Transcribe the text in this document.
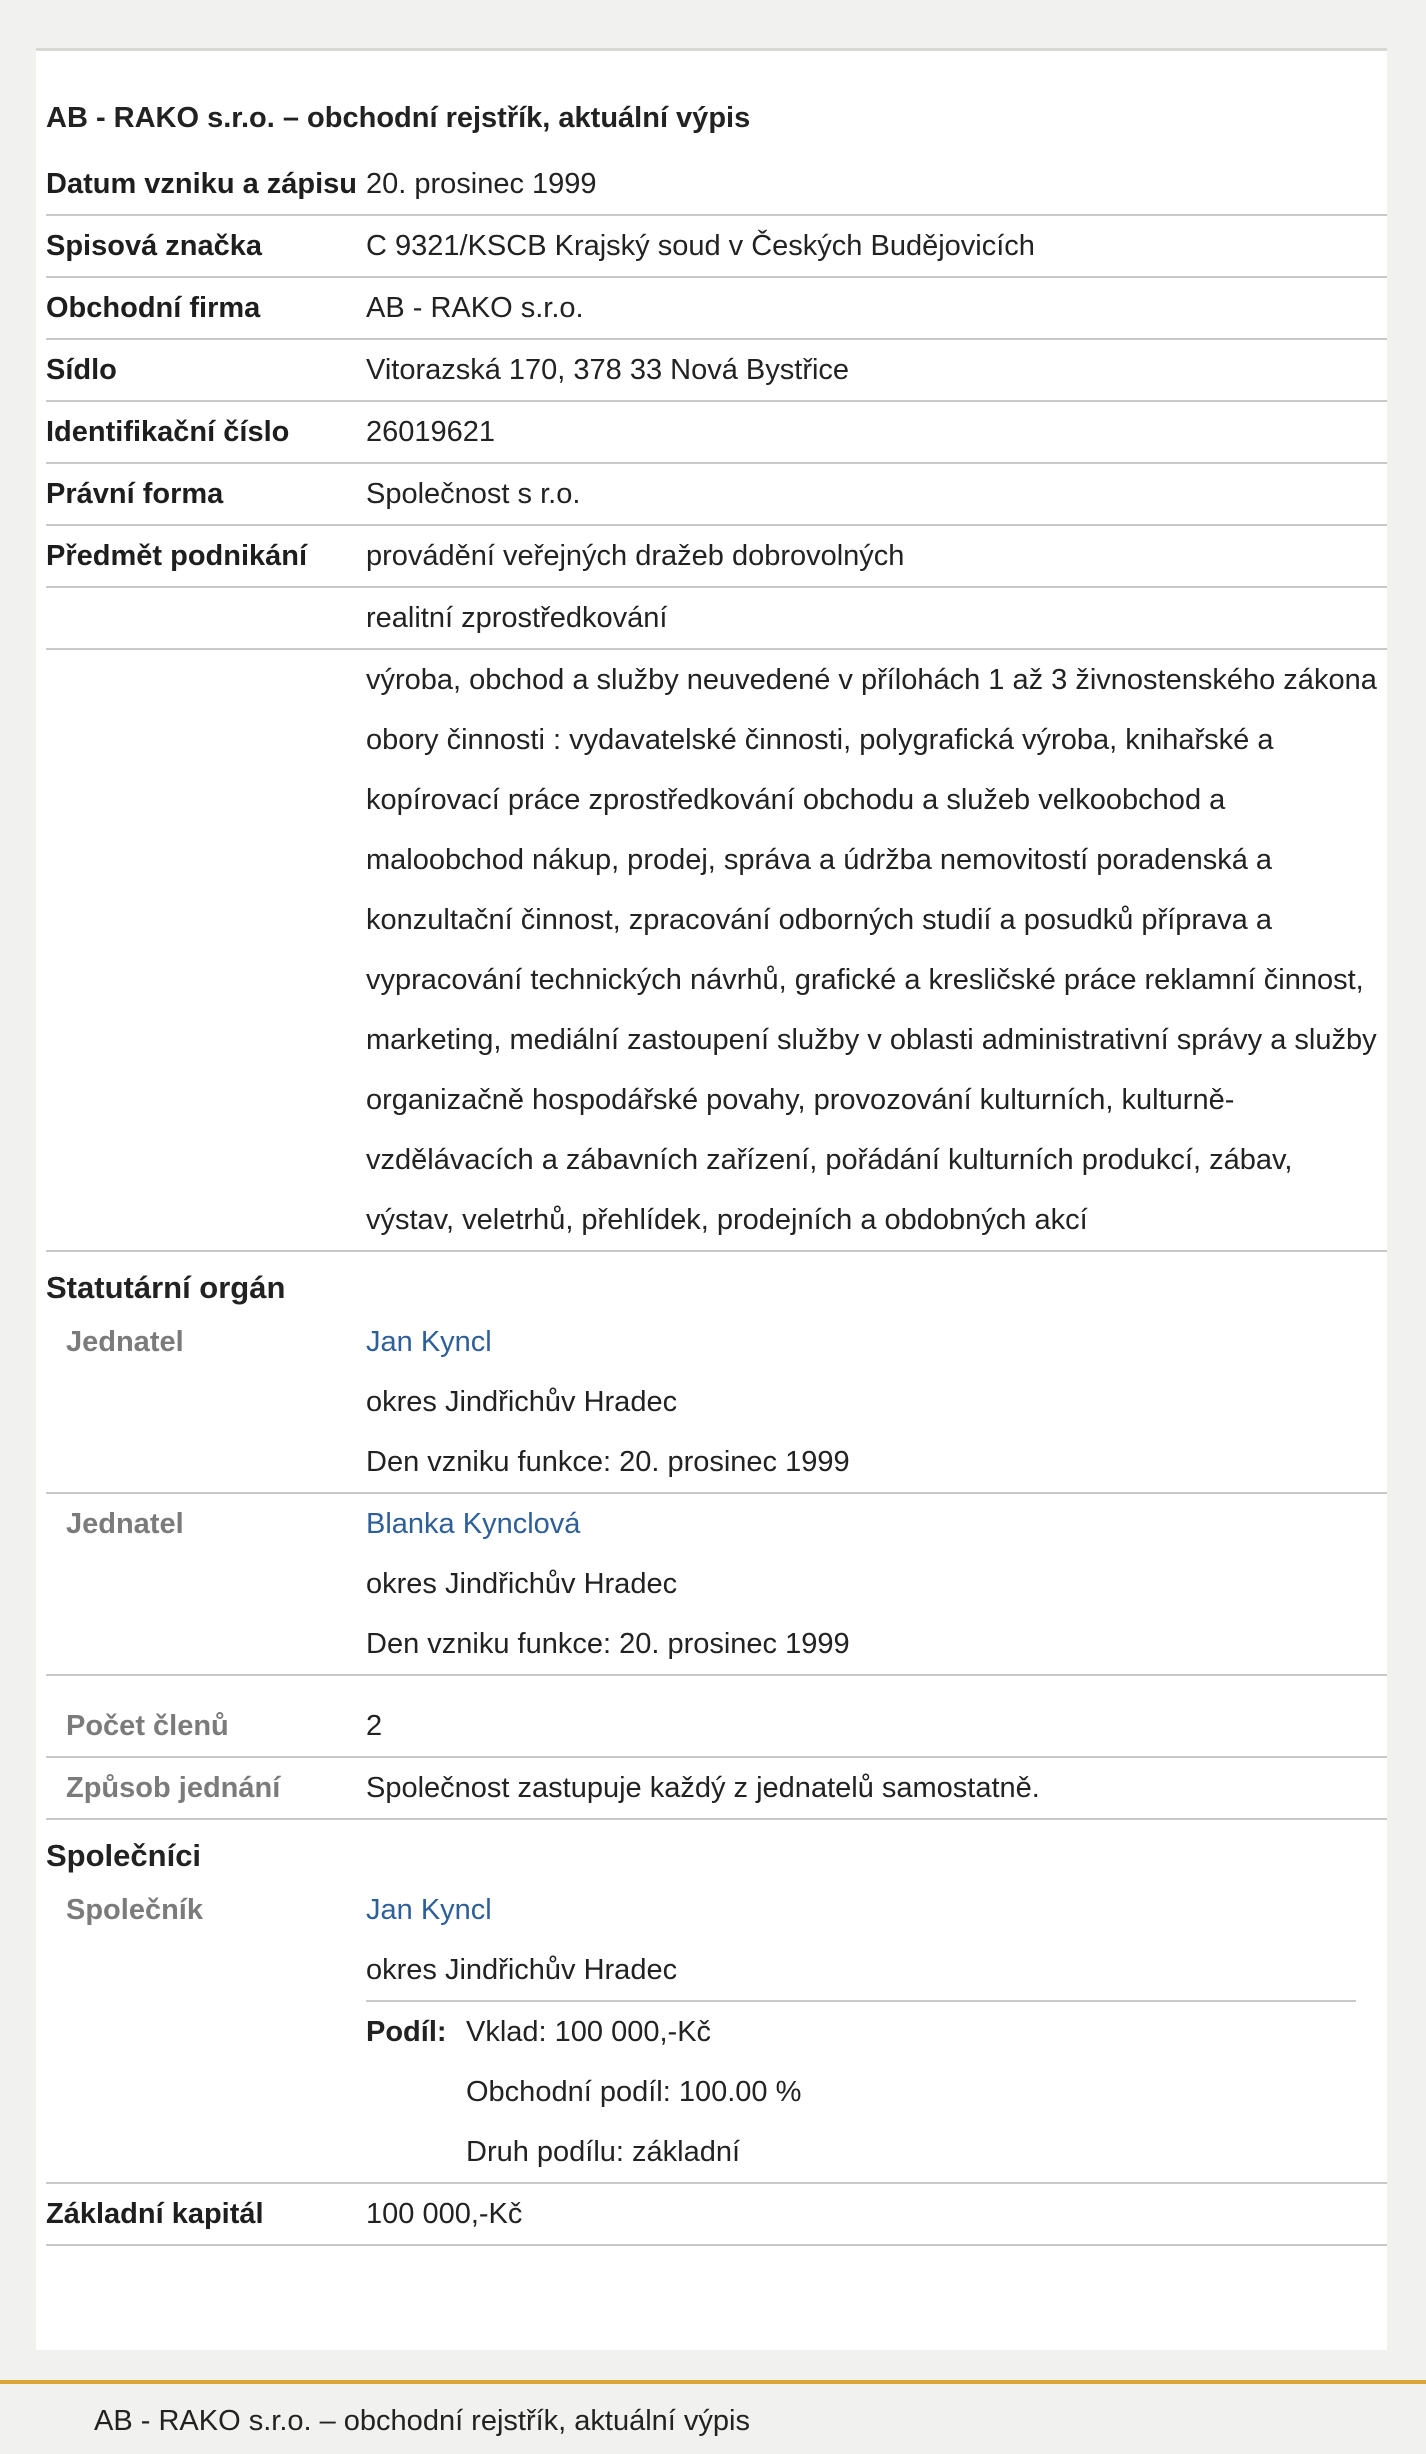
AB - RAKO s.r.o. – obchodní rejstřík, aktuální výpis
Datum vzniku a zápisu 20. prosinec 1999
Spisová značka	C 9321/KSCB Krajský soud v Českých Budějovicích
Obchodní firma	AB - RAKO s.r.o.
Sídlo	Vitorazská 170, 378 33 Nová Bystřice
Identifikační číslo	26019621
Právní forma	Společnost s r.o.
Předmět podnikání	provádění veřejných dražeb dobrovolných
realitní zprostředkování
výroba, obchod a služby neuvedené v přílohách 1 až 3 živnostenského zákona obory činnosti : vydavatelské činnosti, polygrafická výroba, knihařské a kopírovací práce zprostředkování obchodu a služeb velkoobchod a maloobchod nákup, prodej, správa a údržba nemovitostí poradenská a konzultační činnost, zpracování odborných studií a posudků příprava a vypracování technických návrhů, grafické a kresličské práce reklamní činnost, marketing, mediální zastoupení služby v oblasti administrativní správy a služby organizačně hospodářské povahy, provozování kulturních, kulturně-vzdělávacích a zábavních zařízení, pořádání kulturních produkcí, zábav, výstav, veletrhů, přehlídek, prodejních a obdobných akcí
Statutární orgán
Jednatel	Jan Kyncl
okres Jindřichův Hradec
Den vzniku funkce: 20. prosinec 1999
Jednatel	Blanka Kynclová
okres Jindřichův Hradec
Den vzniku funkce: 20. prosinec 1999
Počet členů	2
Způsob jednání	Společnost zastupuje každý z jednatelů samostatně.
Společníci
Společník	Jan Kyncl
okres Jindřichův Hradec
Podíl: Vklad: 100 000,-Kč
Obchodní podíl: 100.00 %
Druh podílu: základní
Základní kapitál	100 000,-Kč
AB - RAKO s.r.o. – obchodní rejstřík, aktuální výpis
